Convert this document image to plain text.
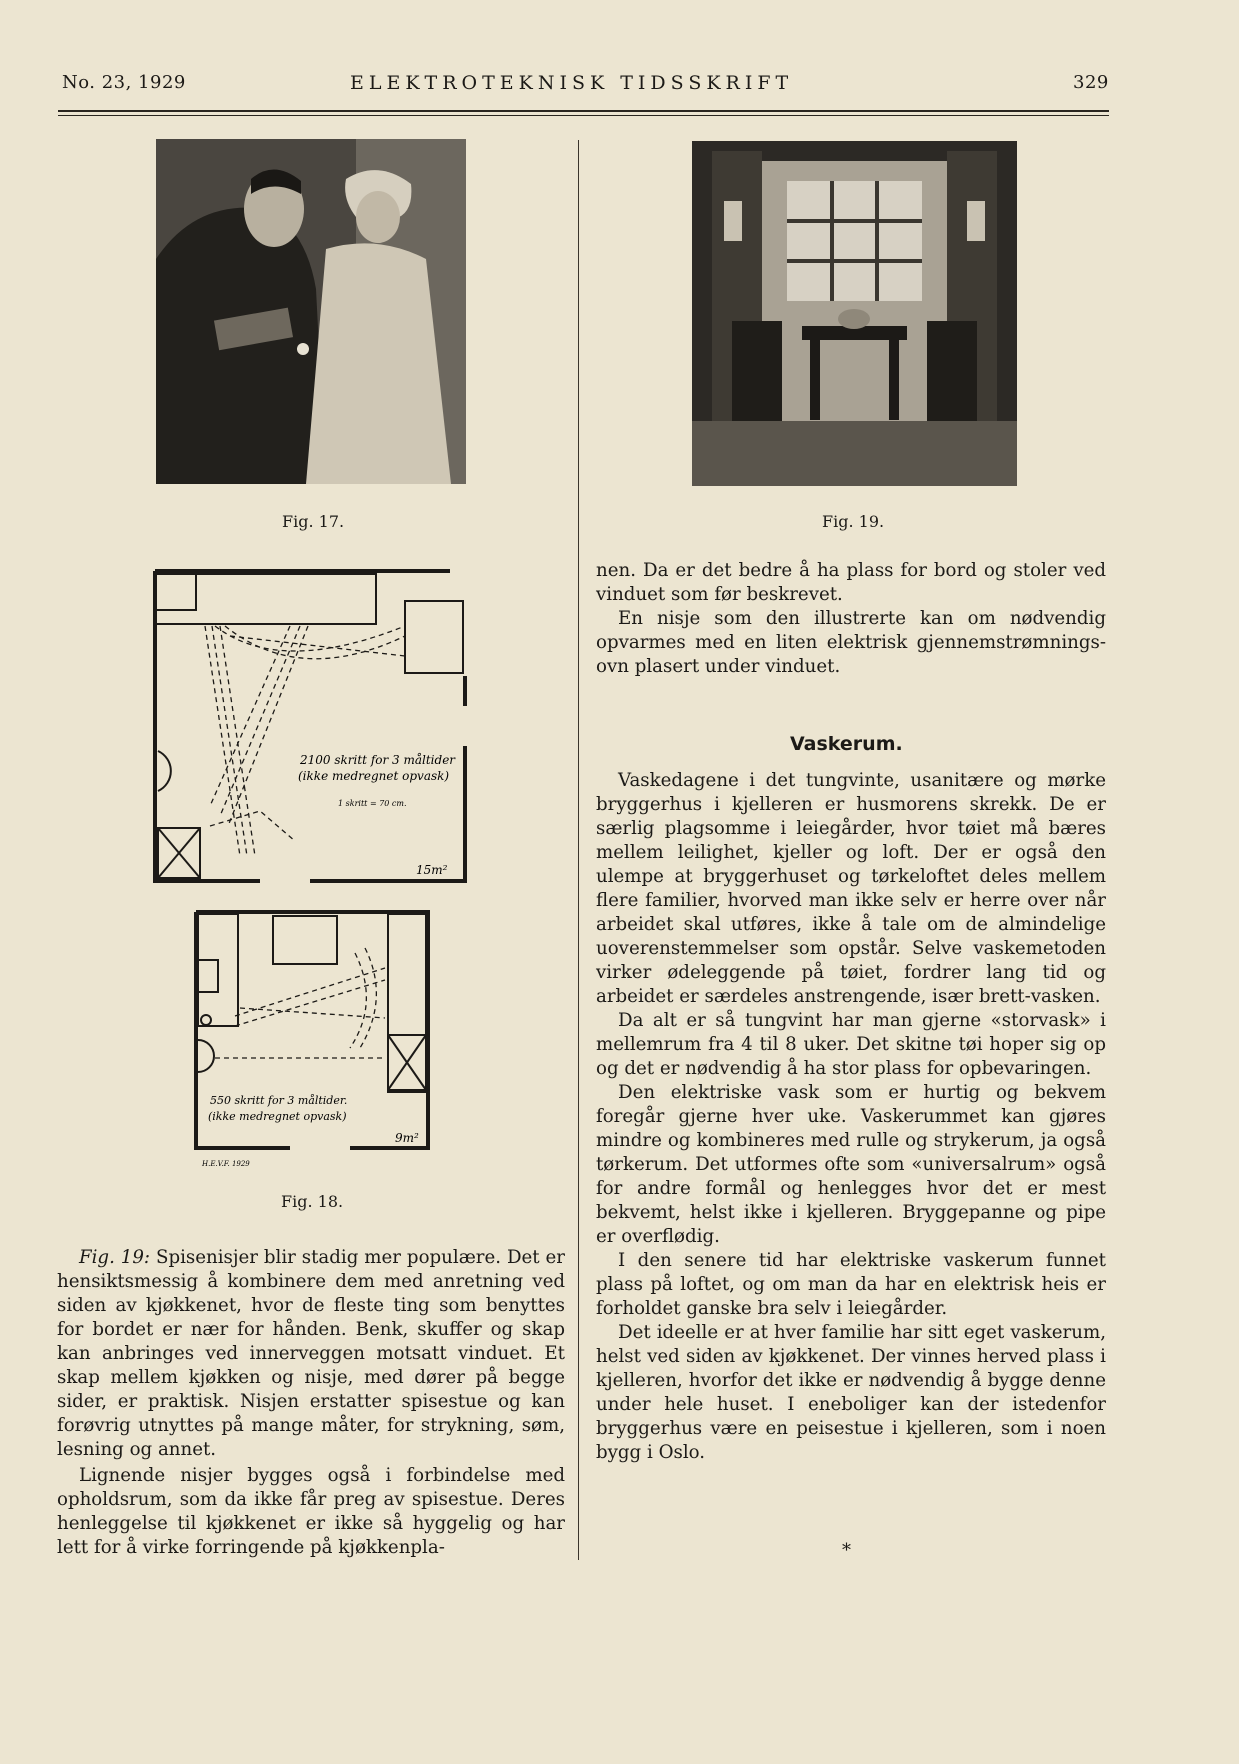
No. 23, 1929	ELEKTROTEKNISK TIDSSKRIFT	329
Fig. 17.	Fig. 19.
2100 skritt for 3 måltider
(ikke medregnet opvask)
1 skritt = 70 cm.
15m²
550 skritt for 3 måltider.
(ikke medregnet opvask)
9m²
H.E.V.F. 1929
Fig. 18.

Fig. 19: Spisenisjer blir stadig mer populære. Det er hensiktsmessig å kombinere dem med anretning ved siden av kjøkkenet, hvor de fleste ting som benyttes for bordet er nær for hånden. Benk, skuffer og skap kan anbringes ved innerveggen motsatt vinduet. Et skap mellem kjøkken og nisje, med dører på begge sider, er praktisk. Nisjen erstatter spisestue og kan forøvrig utnyttes på mange måter, for strykning, søm, lesning og annet.

Lignende nisjer bygges også i forbindelse med opholdsrum, som da ikke får preg av spisestue. Deres henleggelse til kjøkkenet er ikke så hyggelig og har lett for å virke forringende på kjøkkenpla-

nen. Da er det bedre å ha plass for bord og stoler ved vinduet som før beskrevet.

En nisje som den illustrerte kan om nødvendig opvarmes med en liten elektrisk gjennemstrømnings-ovn plasert under vinduet.

Vaskerum.

Vaskedagene i det tungvinte, usanitære og mørke bryggerhus i kjelleren er husmorens skrekk. De er særlig plagsomme i leiegårder, hvor tøiet må bæres mellem leilighet, kjeller og loft. Der er også den ulempe at bryggerhuset og tørkeloftet deles mellem flere familier, hvorved man ikke selv er herre over når arbeidet skal utføres, ikke å tale om de almindelige uoverenstemmelser som opstår. Selve vaskemetoden virker ødeleggende på tøiet, fordrer lang tid og arbeidet er særdeles anstrengende, især brett-vasken.

Da alt er så tungvint har man gjerne «storvask» i mellemrum fra 4 til 8 uker. Det skitne tøi hoper sig op og det er nødvendig å ha stor plass for opbevaringen.

Den elektriske vask som er hurtig og bekvem foregår gjerne hver uke. Vaskerummet kan gjøres mindre og kombineres med rulle og strykerum, ja også tørkerum. Det utformes ofte som «universalrum» også for andre formål og henlegges hvor det er mest bekvemt, helst ikke i kjelleren. Bryggepanne og pipe er overflødig.

I den senere tid har elektriske vaskerum funnet plass på loftet, og om man da har en elektrisk heis er forholdet ganske bra selv i leiegårder.

Det ideelle er at hver familie har sitt eget vaskerum, helst ved siden av kjøkkenet. Der vinnes herved plass i kjelleren, hvorfor det ikke er nødvendig å bygge denne under hele huset. I eneboliger kan der istedenfor bryggerhus være en peisestue i kjelleren, som i noen bygg i Oslo.

*
